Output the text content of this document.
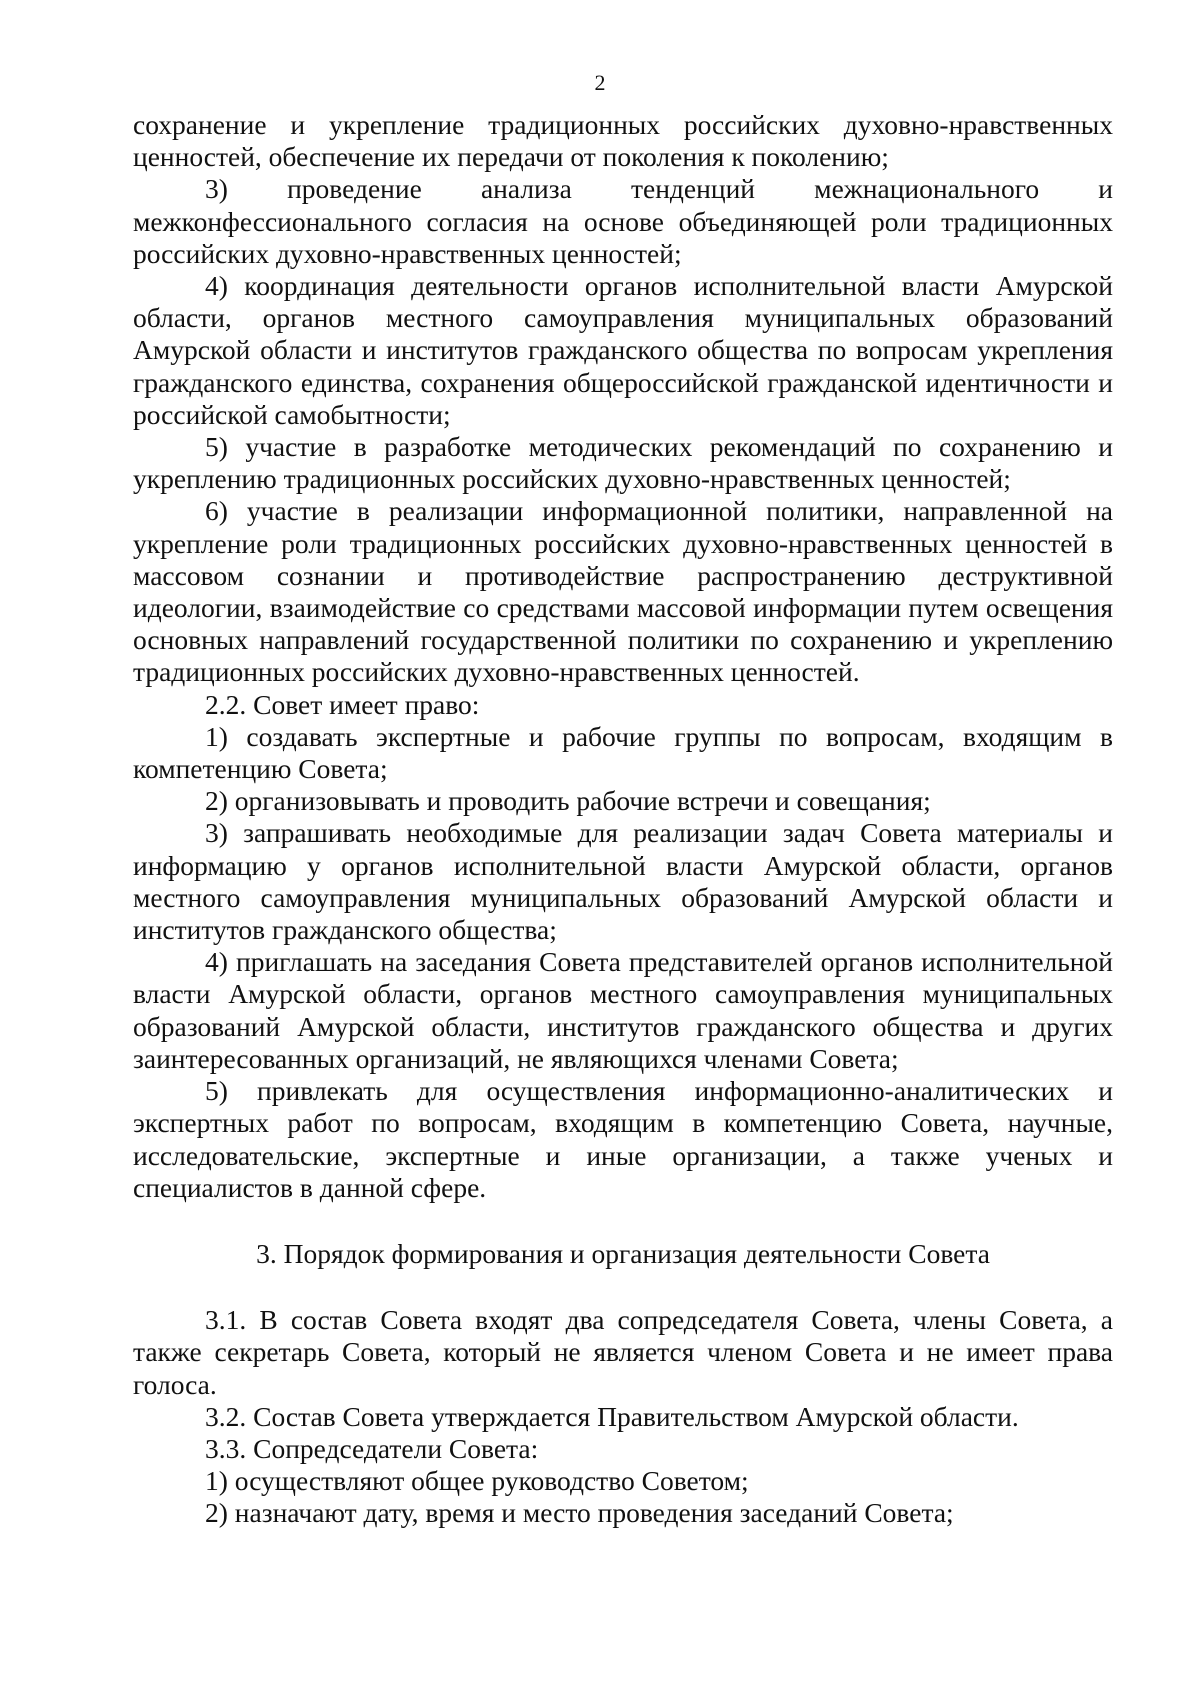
2

сохранение и укрепление традиционных российских духовно-нравственных ценностей, обеспечение их передачи от поколения к поколению;

3) проведение анализа тенденций межнационального и межконфессионального согласия на основе объединяющей роли традиционных российских духовно-нравственных ценностей;

4) координация деятельности органов исполнительной власти Амурской области, органов местного самоуправления муниципальных образований Амурской области и институтов гражданского общества по вопросам укрепления гражданского единства, сохранения общероссийской гражданской идентичности и российской самобытности;

5) участие в разработке методических рекомендаций по сохранению и укреплению традиционных российских духовно-нравственных ценностей;

6) участие в реализации информационной политики, направленной на укрепление роли традиционных российских духовно-нравственных ценностей в массовом сознании и противодействие распространению деструктивной идеологии, взаимодействие со средствами массовой информации путем освещения основных направлений государственной политики по сохранению и укреплению традиционных российских духовно-нравственных ценностей.

2.2. Совет имеет право:

1) создавать экспертные и рабочие группы по вопросам, входящим в компетенцию Совета;

2) организовывать и проводить рабочие встречи и совещания;

3) запрашивать необходимые для реализации задач Совета материалы и информацию у органов исполнительной власти Амурской области, органов местного самоуправления муниципальных образований Амурской области и институтов гражданского общества;

4) приглашать на заседания Совета представителей органов исполнительной власти Амурской области, органов местного самоуправления муниципальных образований Амурской области, институтов гражданского общества и других заинтересованных организаций, не являющихся членами Совета;

5) привлекать для осуществления информационно-аналитических и экспертных работ по вопросам, входящим в компетенцию Совета, научные, исследовательские, экспертные и иные организации, а также ученых и специалистов в данной сфере.

3. Порядок формирования и организация деятельности Совета

3.1. В состав Совета входят два сопредседателя Совета, члены Совета, а также секретарь Совета, который не является членом Совета и не имеет права голоса.

3.2. Состав Совета утверждается Правительством Амурской области.

3.3. Сопредседатели Совета:

1) осуществляют общее руководство Советом;

2) назначают дату, время и место проведения заседаний Совета;
